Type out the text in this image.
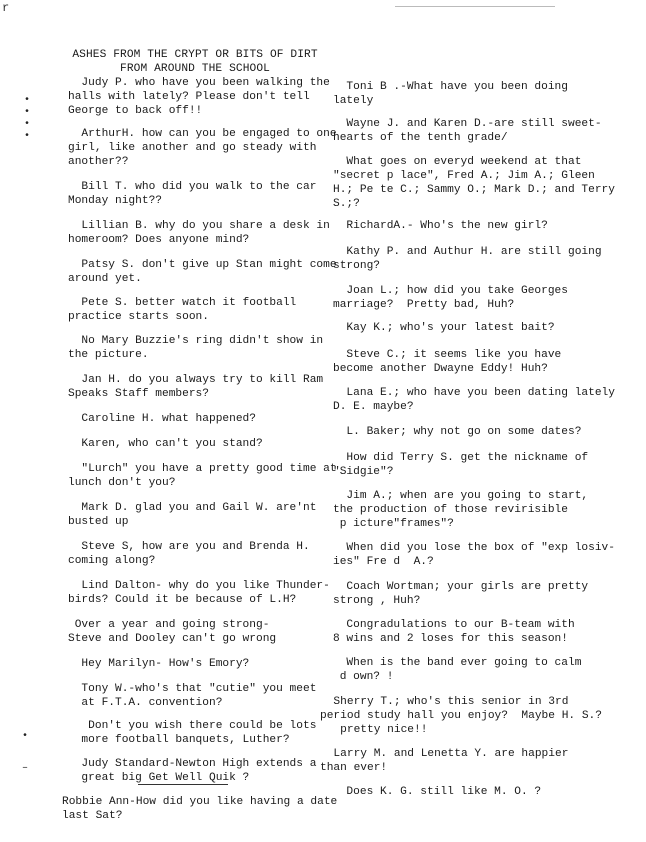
r
ASHES FROM THE CRYPT OR BITS OF DIRT
FROM AROUND THE SCHOOL
•
•
•
•
•
–
Judy P. who have you been walking the
halls with lately? Please don't tell
George to back off!!
ArthurH. how can you be engaged to one
girl, like another and go steady with
another??
Bill T. who did you walk to the car
Monday night??
Lillian B. why do you share a desk in
homeroom? Does anyone mind?
Patsy S. don't give up Stan might come
around yet.
Pete S. better watch it football
practice starts soon.
No Mary Buzzie's ring didn't show in
the picture.
Jan H. do you always try to kill Ram
Speaks Staff members?
Caroline H. what happened?
Karen, who can't you stand?
"Lurch" you have a pretty good time at
lunch don't you?
Mark D. glad you and Gail W. are'nt
busted up
Steve S, how are you and Brenda H.
coming along?
Lind Dalton- why do you like Thunder-
birds? Could it be because of L.H?
Over a year and going strong-
Steve and Dooley can't go wrong
Hey Marilyn- How's Emory?
Tony W.-who's that "cutie" you meet
at F.T.A. convention?
Don't you wish there could be lots
more football banquets, Luther?
Judy Standard-Newton High extends a
great big Get Well Quik ?
Robbie Ann-How did you like having a date
last Sat?
Toni B .-What have you been doing
lately
Wayne J. and Karen D.-are still sweet-
hearts of the tenth grade/
What goes on everyd weekend at that
"secret p lace", Fred A.; Jim A.; Gleen
H.; Pe te C.; Sammy O.; Mark D.; and Terry
S.;?
RichardA.- Who's the new girl?
Kathy P. and Authur H. are still going
strong?
Joan L.; how did you take Georges
marriage?  Pretty bad, Huh?
Kay K.; who's your latest bait?
Steve C.; it seems like you have
become another Dwayne Eddy! Huh?
Lana E.; who have you been dating lately
D. E. maybe?
L. Baker; why not go on some dates?
How did Terry S. get the nickname of
"Sidgie"?
Jim A.; when are you going to start,
the production of those revirisible
p icture"frames"?
When did you lose the box of "exp losiv-
ies" Fre d  A.?
Coach Wortman; your girls are pretty
strong , Huh?
Congradulations to our B-team with
8 wins and 2 loses for this season!
When is the band ever going to calm
d own? !
Sherry T.; who's this senior in 3rd
period study hall you enjoy?  Maybe H. S.?
pretty nice!!
Larry M. and Lenetta Y. are happier
than ever!
Does K. G. still like M. O. ?
